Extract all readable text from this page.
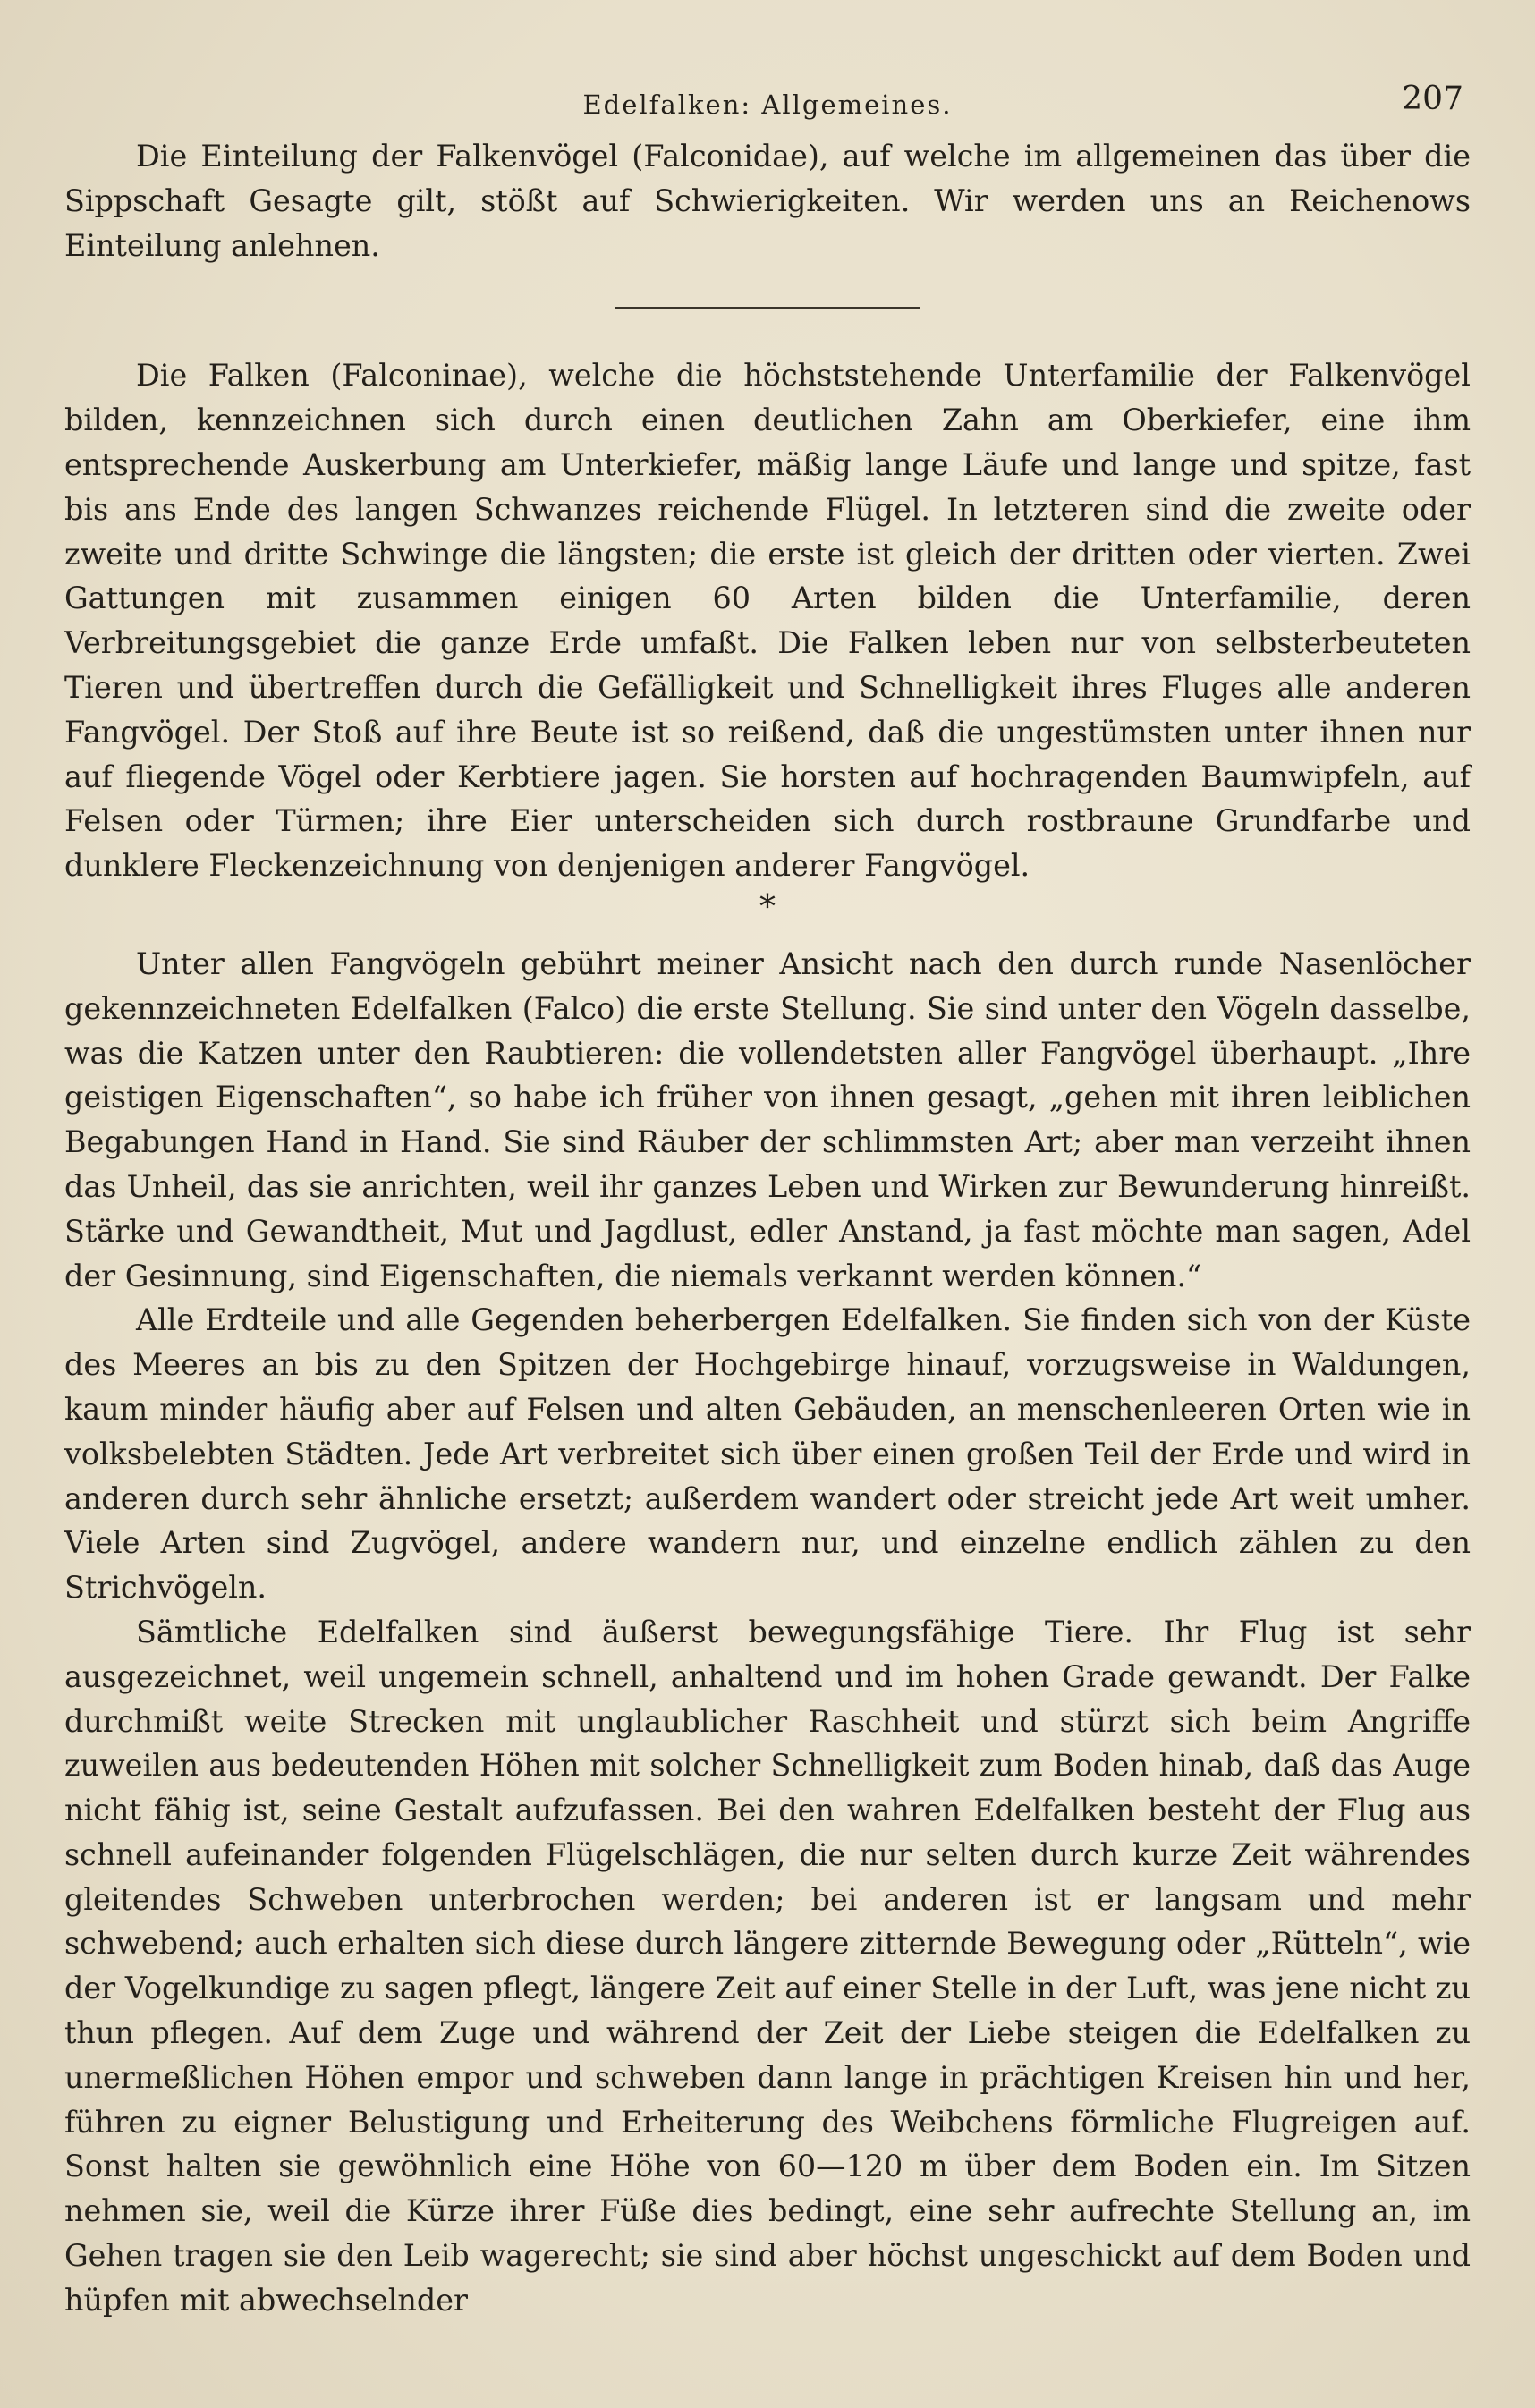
Edelfalken: Allgemeines.	207

Die Einteilung der Falkenvögel (Falconidae), auf welche im allgemeinen das über die Sippschaft Gesagte gilt, stößt auf Schwierigkeiten. Wir werden uns an Reichenows Einteilung anlehnen.

Die Falken (Falconinae), welche die höchststehende Unterfamilie der Falkenvögel bilden, kennzeichnen sich durch einen deutlichen Zahn am Oberkiefer, eine ihm entsprechende Auskerbung am Unterkiefer, mäßig lange Läufe und lange und spitze, fast bis ans Ende des langen Schwanzes reichende Flügel. In letzteren sind die zweite oder zweite und dritte Schwinge die längsten; die erste ist gleich der dritten oder vierten. Zwei Gattungen mit zusammen einigen 60 Arten bilden die Unterfamilie, deren Verbreitungsgebiet die ganze Erde umfaßt. Die Falken leben nur von selbsterbeuteten Tieren und übertreffen durch die Gefälligkeit und Schnelligkeit ihres Fluges alle anderen Fangvögel. Der Stoß auf ihre Beute ist so reißend, daß die ungestümsten unter ihnen nur auf fliegende Vögel oder Kerbtiere jagen. Sie horsten auf hochragenden Baumwipfeln, auf Felsen oder Türmen; ihre Eier unterscheiden sich durch rostbraune Grundfarbe und dunklere Fleckenzeichnung von denjenigen anderer Fangvögel.

*

Unter allen Fangvögeln gebührt meiner Ansicht nach den durch runde Nasenlöcher gekennzeichneten Edelfalken (Falco) die erste Stellung. Sie sind unter den Vögeln dasselbe, was die Katzen unter den Raubtieren: die vollendetsten aller Fangvögel überhaupt. „Ihre geistigen Eigenschaften“, so habe ich früher von ihnen gesagt, „gehen mit ihren leiblichen Begabungen Hand in Hand. Sie sind Räuber der schlimmsten Art; aber man verzeiht ihnen das Unheil, das sie anrichten, weil ihr ganzes Leben und Wirken zur Bewunderung hinreißt. Stärke und Gewandtheit, Mut und Jagdlust, edler Anstand, ja fast möchte man sagen, Adel der Gesinnung, sind Eigenschaften, die niemals verkannt werden können.“

Alle Erdteile und alle Gegenden beherbergen Edelfalken. Sie finden sich von der Küste des Meeres an bis zu den Spitzen der Hochgebirge hinauf, vorzugsweise in Waldungen, kaum minder häufig aber auf Felsen und alten Gebäuden, an menschenleeren Orten wie in volksbelebten Städten. Jede Art verbreitet sich über einen großen Teil der Erde und wird in anderen durch sehr ähnliche ersetzt; außerdem wandert oder streicht jede Art weit umher. Viele Arten sind Zugvögel, andere wandern nur, und einzelne endlich zählen zu den Strichvögeln.

Sämtliche Edelfalken sind äußerst bewegungsfähige Tiere. Ihr Flug ist sehr ausgezeichnet, weil ungemein schnell, anhaltend und im hohen Grade gewandt. Der Falke durchmißt weite Strecken mit unglaublicher Raschheit und stürzt sich beim Angriffe zuweilen aus bedeutenden Höhen mit solcher Schnelligkeit zum Boden hinab, daß das Auge nicht fähig ist, seine Gestalt aufzufassen. Bei den wahren Edelfalken besteht der Flug aus schnell aufeinander folgenden Flügelschlägen, die nur selten durch kurze Zeit währendes gleitendes Schweben unterbrochen werden; bei anderen ist er langsam und mehr schwebend; auch erhalten sich diese durch längere zitternde Bewegung oder „Rütteln“, wie der Vogelkundige zu sagen pflegt, längere Zeit auf einer Stelle in der Luft, was jene nicht zu thun pflegen. Auf dem Zuge und während der Zeit der Liebe steigen die Edelfalken zu unermeßlichen Höhen empor und schweben dann lange in prächtigen Kreisen hin und her, führen zu eigner Belustigung und Erheiterung des Weibchens förmliche Flugreigen auf. Sonst halten sie gewöhnlich eine Höhe von 60—120 m über dem Boden ein. Im Sitzen nehmen sie, weil die Kürze ihrer Füße dies bedingt, eine sehr aufrechte Stellung an, im Gehen tragen sie den Leib wagerecht; sie sind aber höchst ungeschickt auf dem Boden und hüpfen mit abwechselnder
